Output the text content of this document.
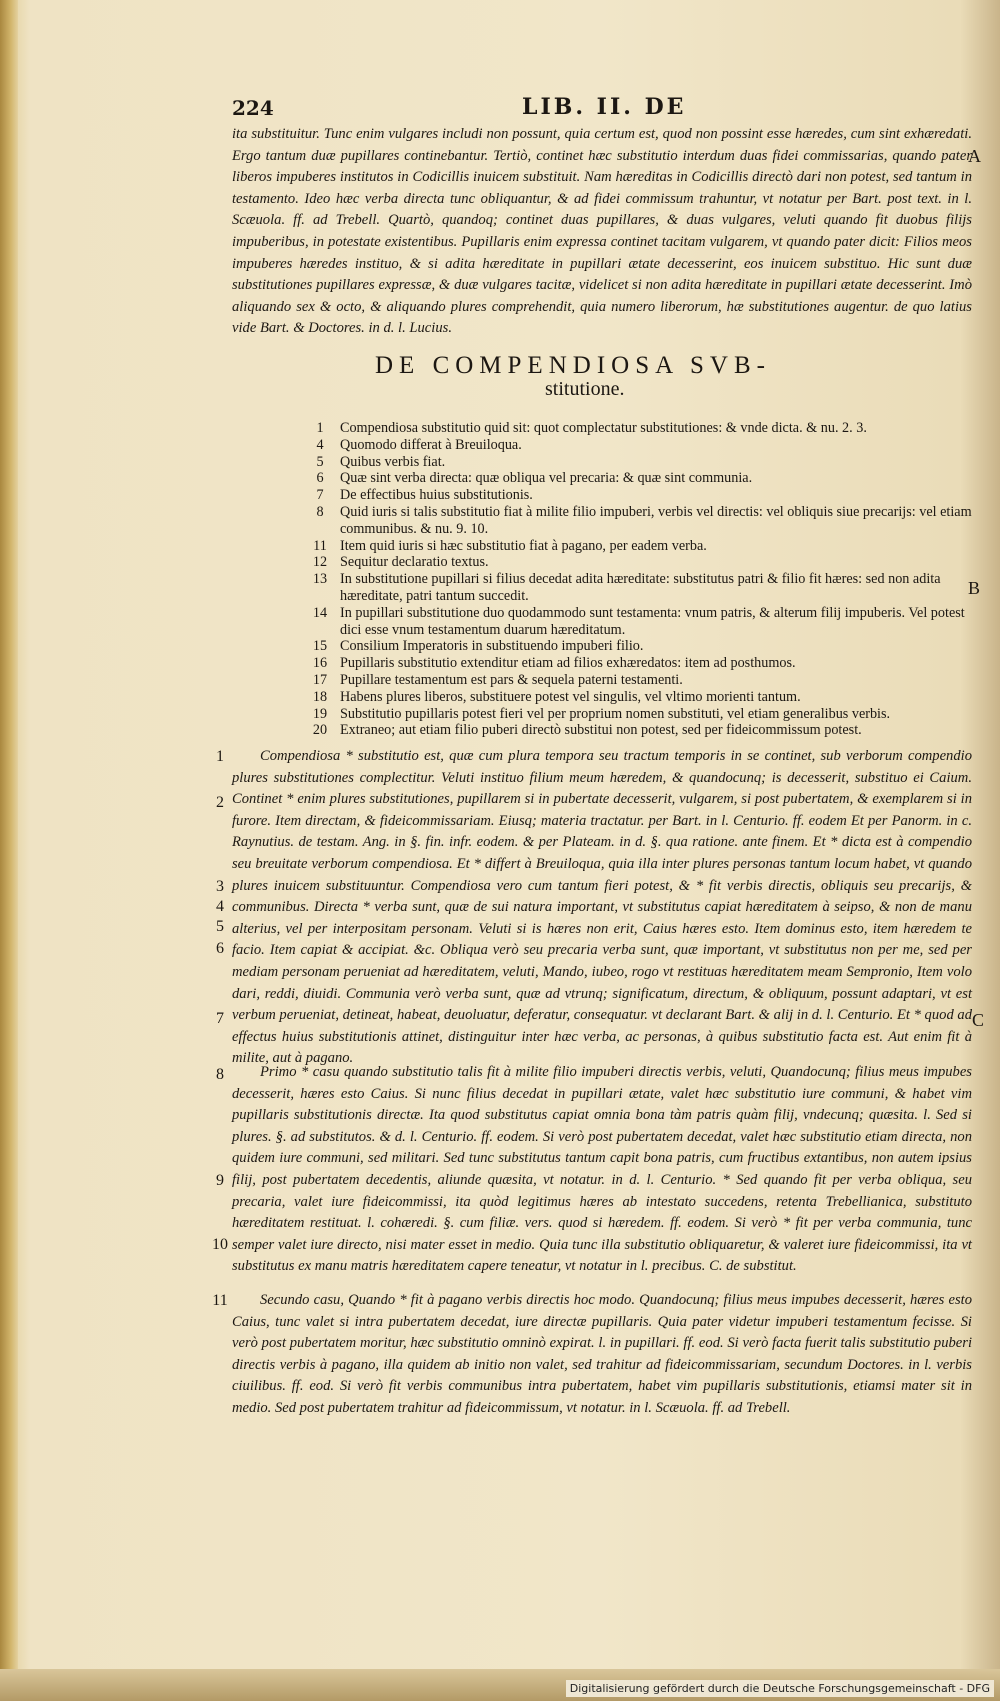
224	LIB. II. DE
ita substituitur. Tunc enim vulgares includi non possunt, quia certum est, quod non possint esse hæredes, cum sint exhæredati. Ergo tantum duæ pupillares continebantur. Tertiò, continet hæc substitutio interdum duas fidei commissarias, quando pater liberos impuberes institutos in Codicillis inuicem substituit. Nam hæreditas in Codicillis directò dari non potest, sed tantum in testamento. Ideo hæc verba directa tunc obliquantur, & ad fidei commissum trahuntur, vt notatur per Bart. post text. in l. Scæuola. ff. ad Trebell. Quartò, quandoq; continet duas pupillares, & duas vulgares, veluti quando fit duobus filijs impuberibus, in potestate existentibus. Pupillaris enim expressa continet tacitam vulgarem, vt quando pater dicit: Filios meos impuberes hæredes instituo, & si adita hæreditate in pupillari ætate decesserint, eos inuicem substituo. Hic sunt duæ substitutiones pupillares expressæ, & duæ vulgares tacitæ, videlicet si non adita hæreditate in pupillari ætate decesserint. Imò aliquando sex & octo, & aliquando plures comprehendit, quia numero liberorum, hæ substitutiones augentur. de quo latius vide Bart. & Doctores. in d. l. Lucius.
A
B
C
DE COMPENDIOSA SVB-
stitutione.
1	Compendiosa substitutio quid sit: quot complectatur substitutiones: & vnde dicta. & nu. 2. 3.
4	Quomodo differat à Breuiloqua.
5	Quibus verbis fiat.
6	Quæ sint verba directa: quæ obliqua vel precaria: & quæ sint communia.
7	De effectibus huius substitutionis.
8	Quid iuris si talis substitutio fiat à milite filio impuberi, verbis vel directis: vel obliquis siue precarijs: vel etiam communibus. & nu. 9. 10.
11 Item quid iuris si hæc substitutio fiat à pagano, per eadem verba.
12 Sequitur declaratio textus.
13 In substitutione pupillari si filius decedat adita hæreditate: substitutus patri & filio fit hæres: sed non adita hæreditate, patri tantum succedit.
14 In pupillari substitutione duo quodammodo sunt testamenta: vnum patris, & alterum filij impuberis. Vel potest dici esse vnum testamentum duarum hæreditatum.
15 Consilium Imperatoris in substituendo impuberi filio.
16 Pupillaris substitutio extenditur etiam ad filios exhæredatos: item ad posthumos.
17 Pupillare testamentum est pars & sequela paterni testamenti.
18 Habens plures liberos, substituere potest vel singulis, vel vltimo morienti tantum.
19 Substitutio pupillaris potest fieri vel per proprium nomen substituti, vel etiam generalibus verbis.
20 Extraneo; aut etiam filio puberi directò substitui non potest, sed per fideicommissum potest.
Compendiosa * substitutio est, quæ cum plura tempora seu tractum temporis in se continet, sub verborum compendio plures substitutiones complectitur. Veluti instituo filium meum hæredem, & quandocunq; is decesserit, substituo ei Caium. Continet * enim plures substitutiones, pupillarem si in pubertate decesserit, vulgarem, si post pubertatem, & exemplarem si in furore. Item directam, & fideicommissariam. Eiusq; materia tractatur. per Bart. in l. Centurio. ff. eodem Et per Panorm. in c. Raynutius. de testam. Ang. in §. fin. infr. eodem. & per Plateam. in d. §. qua ratione. ante finem. Et * dicta est à compendio seu breuitate verborum compendiosa. Et * differt à Breuiloqua, quia illa inter plures personas tantum locum habet, vt quando plures inuicem substituuntur. Compendiosa vero cum tantum fieri potest, & * fit verbis directis, obliquis seu precarijs, & communibus. Directa * verba sunt, quæ de sui natura important, vt substitutus capiat hæreditatem à seipso, & non de manu alterius, vel per interpositam personam. Veluti si is hæres non erit, Caius hæres esto. Item dominus esto, item hæredem te facio. Item capiat & accipiat. &c. Obliqua verò seu precaria verba sunt, quæ important, vt substitutus non per me, sed per mediam personam perueniat ad hæreditatem, veluti, Mando, iubeo, rogo vt restituas hæreditatem meam Sempronio, Item volo dari, reddi, diuidi. Communia verò verba sunt, quæ ad vtrunq; significatum, directum, & obliquum, possunt adaptari, vt est verbum perueniat, detineat, habeat, deuoluatur, deferatur, consequatur. vt declarant Bart. & alij in d. l. Centurio. Et * quod ad effectus huius substitutionis attinet, distinguitur inter hæc verba, ac personas, à quibus substitutio facta est. Aut enim fit à milite, aut à pagano.
Primo * casu quando substitutio talis fit à milite filio impuberi directis verbis, veluti, Quandocunq; filius meus impubes decesserit, hæres esto Caius. Si nunc filius decedat in pupillari ætate, valet hæc substitutio iure communi, & habet vim pupillaris substitutionis directæ. Ita quod substitutus capiat omnia bona tàm patris quàm filij, vndecunq; quæsita. l. Sed si plures. §. ad substitutos. & d. l. Centurio. ff. eodem. Si verò post pubertatem decedat, valet hæc substitutio etiam directa, non quidem iure communi, sed militari. Sed tunc substitutus tantum capit bona patris, cum fructibus extantibus, non autem ipsius filij, post pubertatem decedentis, aliunde quæsita, vt notatur. in d. l. Centurio. * Sed quando fit per verba obliqua, seu precaria, valet iure fideicommissi, ita quòd legitimus hæres ab intestato succedens, retenta Trebellianica, substituto hæreditatem restituat. l. cohæredi. §. cum filiæ. vers. quod si hæredem. ff. eodem. Si verò * fit per verba communia, tunc semper valet iure directo, nisi mater esset in medio. Quia tunc illa substitutio obliquaretur, & valeret iure fideicommissi, ita vt substitutus ex manu matris hæreditatem capere teneatur, vt notatur in l. precibus. C. de substitut.
Secundo casu, Quando * fit à pagano verbis directis hoc modo. Quandocunq; filius meus impubes decesserit, hæres esto Caius, tunc valet si intra pubertatem decedat, iure directæ pupillaris. Quia pater videtur impuberi testamentum fecisse. Si verò post pubertatem moritur, hæc substitutio omninò expirat. l. in pupillari. ff. eod. Si verò facta fuerit talis substitutio puberi directis verbis à pagano, illa quidem ab initio non valet, sed trahitur ad fideicommissariam, secundum Doctores. in l. verbis ciuilibus. ff. eod. Si verò fit verbis communibus intra pubertatem, habet vim pupillaris substitutionis, etiamsi mater sit in medio. Sed post pubertatem trahitur ad fideicommissum, vt notatur. in l. Scæuola. ff. ad Trebell.
1
2
3
4
5
6
7
8
9
10
11
Digitalisierung gefördert durch die Deutsche Forschungsgemeinschaft - DFG
